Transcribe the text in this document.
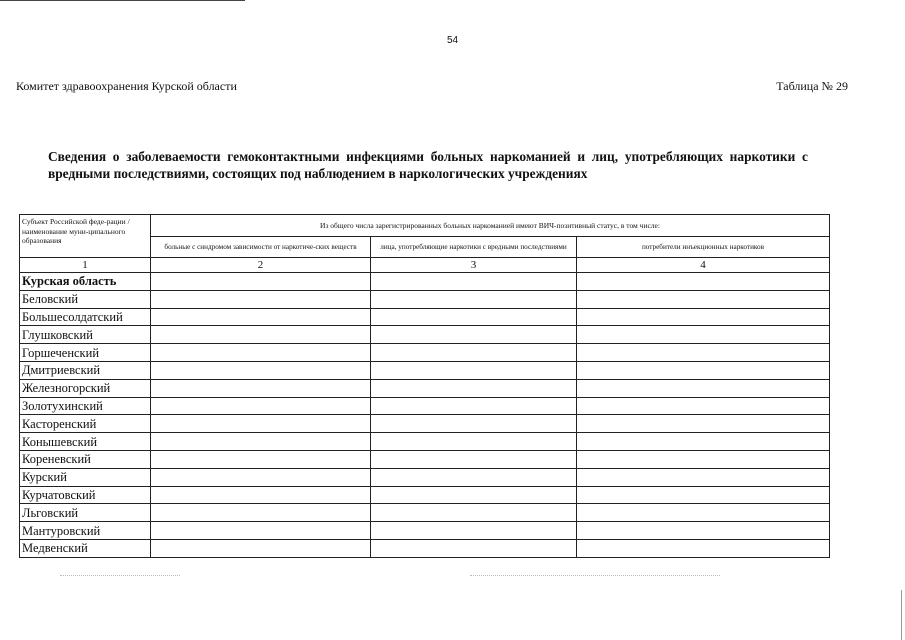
54
Комитет здравоохранения Курской области	Таблица № 29
Сведения о заболеваемости гемоконтактными инфекциями больных наркоманией и лиц, употребляющих наркотики с вредными последствиями, состоящих под наблюдением в наркологических учреждениях
Субъект Российской феде-рации /наименование муни-ципального образования	Из общего числа зарегистрированных больных наркоманией имеют ВИЧ-позитивный статус, в том числе:		
	больные с синдромом зависимости от наркотиче-ских веществ	лица, употребляющие наркотики с вредными последствиями	потребители инъекционных наркотиков
1	2	3	4
Курская область			
Беловский			
Большесолдатский			
Глушковский			
Горшеченский			
Дмитриевский			
Железногорский			
Золотухинский			
Касторенский			
Конышевский			
Кореневский			
Курский			
Курчатовский			
Льговский			
Мантуровский			
Медвенский			
